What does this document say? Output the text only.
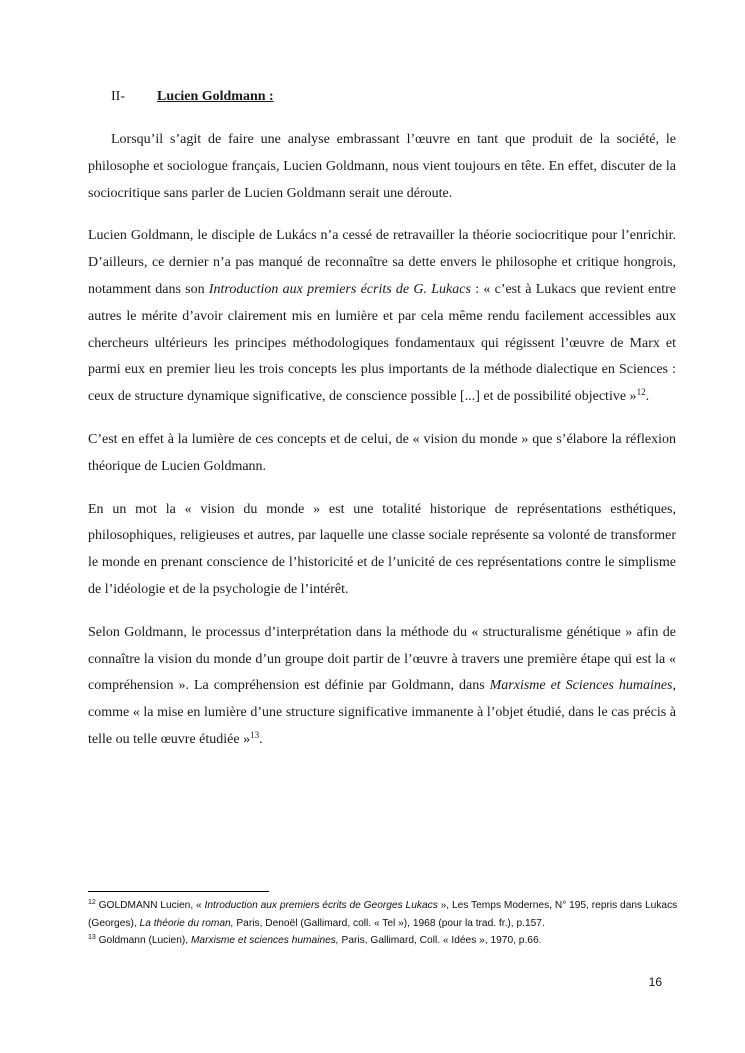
II- Lucien Goldmann :

Lorsqu’il s’agit de faire une analyse embrassant l’œuvre en tant que produit de la société, le philosophe et sociologue français, Lucien Goldmann, nous vient toujours en tête. En effet, discuter de la sociocritique sans parler de Lucien Goldmann serait une déroute.

Lucien Goldmann, le disciple de Lukács n’a cessé de retravailler la théorie sociocritique pour l’enrichir. D’ailleurs, ce dernier n’a pas manqué de reconnaître sa dette envers le philosophe et critique hongrois, notamment dans son Introduction aux premiers écrits de G. Lukacs : « c’est à Lukacs que revient entre autres le mérite d’avoir clairement mis en lumière et par cela même rendu facilement accessibles aux chercheurs ultérieurs les principes méthodologiques fondamentaux qui régissent l’œuvre de Marx et parmi eux en premier lieu les trois concepts les plus importants de la méthode dialectique en Sciences : ceux de structure dynamique significative, de conscience possible [...] et de possibilité objective »$^{12}$.

C’est en effet à la lumière de ces concepts et de celui, de « vision du monde » que s’élabore la réflexion théorique de Lucien Goldmann.

En un mot la « vision du monde » est une totalité historique de représentations esthétiques, philosophiques, religieuses et autres, par laquelle une classe sociale représente sa volonté de transformer le monde en prenant conscience de l’historicité et de l’unicité de ces représentations contre le simplisme de l’idéologie et de la psychologie de l’intérêt.

Selon Goldmann, le processus d’interprétation dans la méthode du « structuralisme génétique » afin de connaître la vision du monde d’un groupe doit partir de l’œuvre à travers une première étape qui est la « compréhension ». La compréhension est définie par Goldmann, dans Marxisme et Sciences humaines, comme « la mise en lumière d’une structure significative immanente à l’objet étudié, dans le cas précis à telle ou telle œuvre étudiée »$^{13}$.

$^{12}$ GOLDMANN Lucien, « Introduction aux premiers écrits de Georges Lukacs », Les Temps Modernes, N° 195, repris dans Lukacs (Georges), La théorie du roman, Paris, Denoël (Gallimard, coll. « Tel »), 1968 (pour la trad. fr.), p.157.

$^{13}$ Goldmann (Lucien), Marxisme et sciences humaines, Paris, Gallimard, Coll. « Idées », 1970, p.66.

16
